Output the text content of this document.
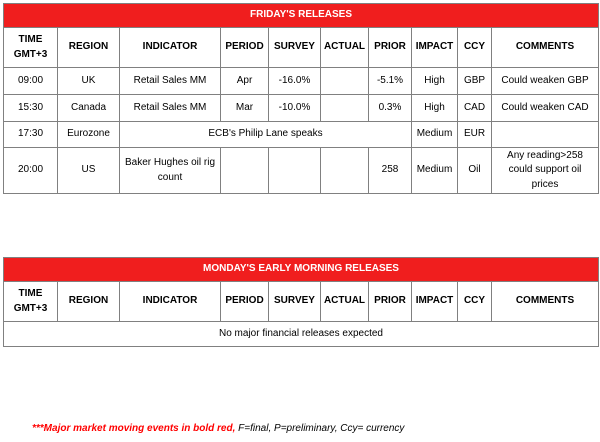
FRIDAY'S RELEASES									

TIME
GMT+3	REGION	INDICATOR	PERIOD	SURVEY	ACTUAL	PRIOR	IMPACT	CCY	COMMENTS
09:00	UK	Retail Sales MM	Apr	-16.0%		-5.1%	High	GBP	Could weaken GBP
15:30	Canada	Retail Sales MM	Mar	-10.0%		0.3%	High	CAD	Could weaken CAD
17:30	Eurozone	ECB's Philip Lane speaks					Medium	EUR	
20:00	US	Baker Hughes oil rig count				258	Medium	Oil	Any reading>258 could support oil prices
MONDAY'S EARLY MORNING RELEASES

TIME
GMT+3
	REGION	INDICATOR	PERIOD	SURVEY	ACTUAL	PRIOR	IMPACT	CCY	COMMENTS
No major financial releases expected
***Major market moving events in bold red, F=final, P=preliminary, Ccy= currency
